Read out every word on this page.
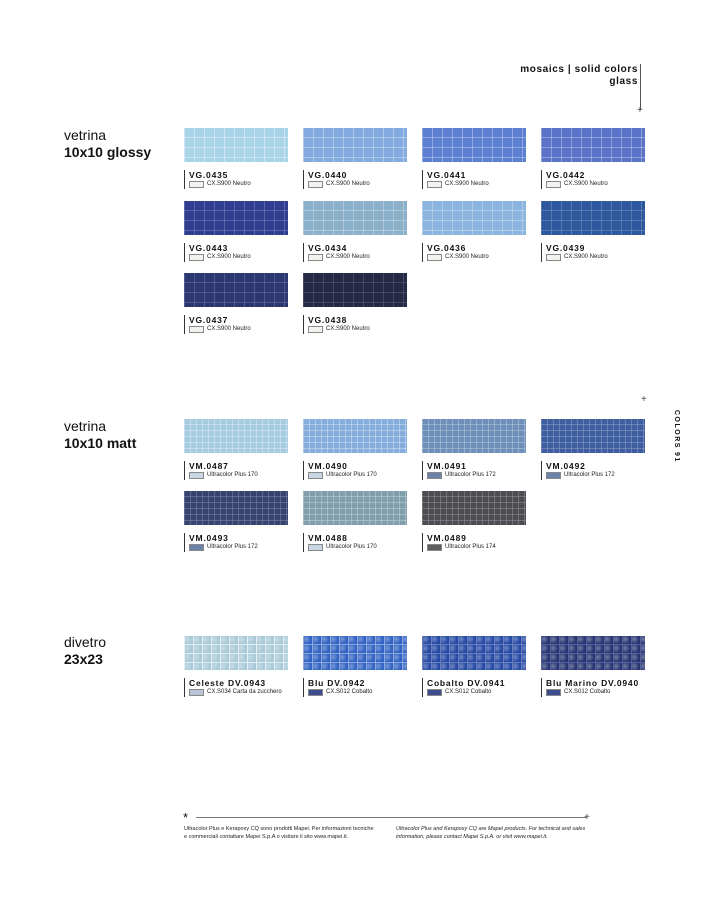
mosaics | solid colors
glass
+
+
COLORS
91
vetrina
10x10 glossy
vetrina
10x10 matt
divetro
23x23
VG.0435
CX.S900 Neutro
VG.0440
CX.S900 Neutro
VG.0441
CX.S900 Neutro
VG.0442
CX.S900 Neutro
VG.0443
CX.S900 Neutro
VG.0434
CX.S900 Neutro
VG.0436
CX.S900 Neutro
VG.0439
CX.S900 Neutro
VG.0437
CX.S900 Neutro
VG.0438
CX.S900 Neutro
VM.0487
Ultracolor Plus 170
VM.0490
Ultracolor Plus 170
VM.0491
Ultracolor Plus 172
VM.0492
Ultracolor Plus 172
VM.0493
Ultracolor Plus 172
VM.0488
Ultracolor Plus 170
VM.0489
Ultracolor Plus 174
Celeste DV.0943
CX.S034 Carta da zucchero
Blu DV.0942
CX.S012 Cobalto
Cobalto DV.0941
CX.S012 Cobalto
Blu Marino DV.0940
CX.S012 Cobalto
*	+
Ultracolor Plus e Kerapoxy CQ sono prodotti Mapei. Per informazioni tecniche
e commerciali contattare Mapei S.p.A o visitare il sito www.mapei.it.
Ultracolor Plus and Kerapoxy CQ are Mapei products. For technical and sales
information, please contact Mapei S.p.A. or visit www.mapei.it.
